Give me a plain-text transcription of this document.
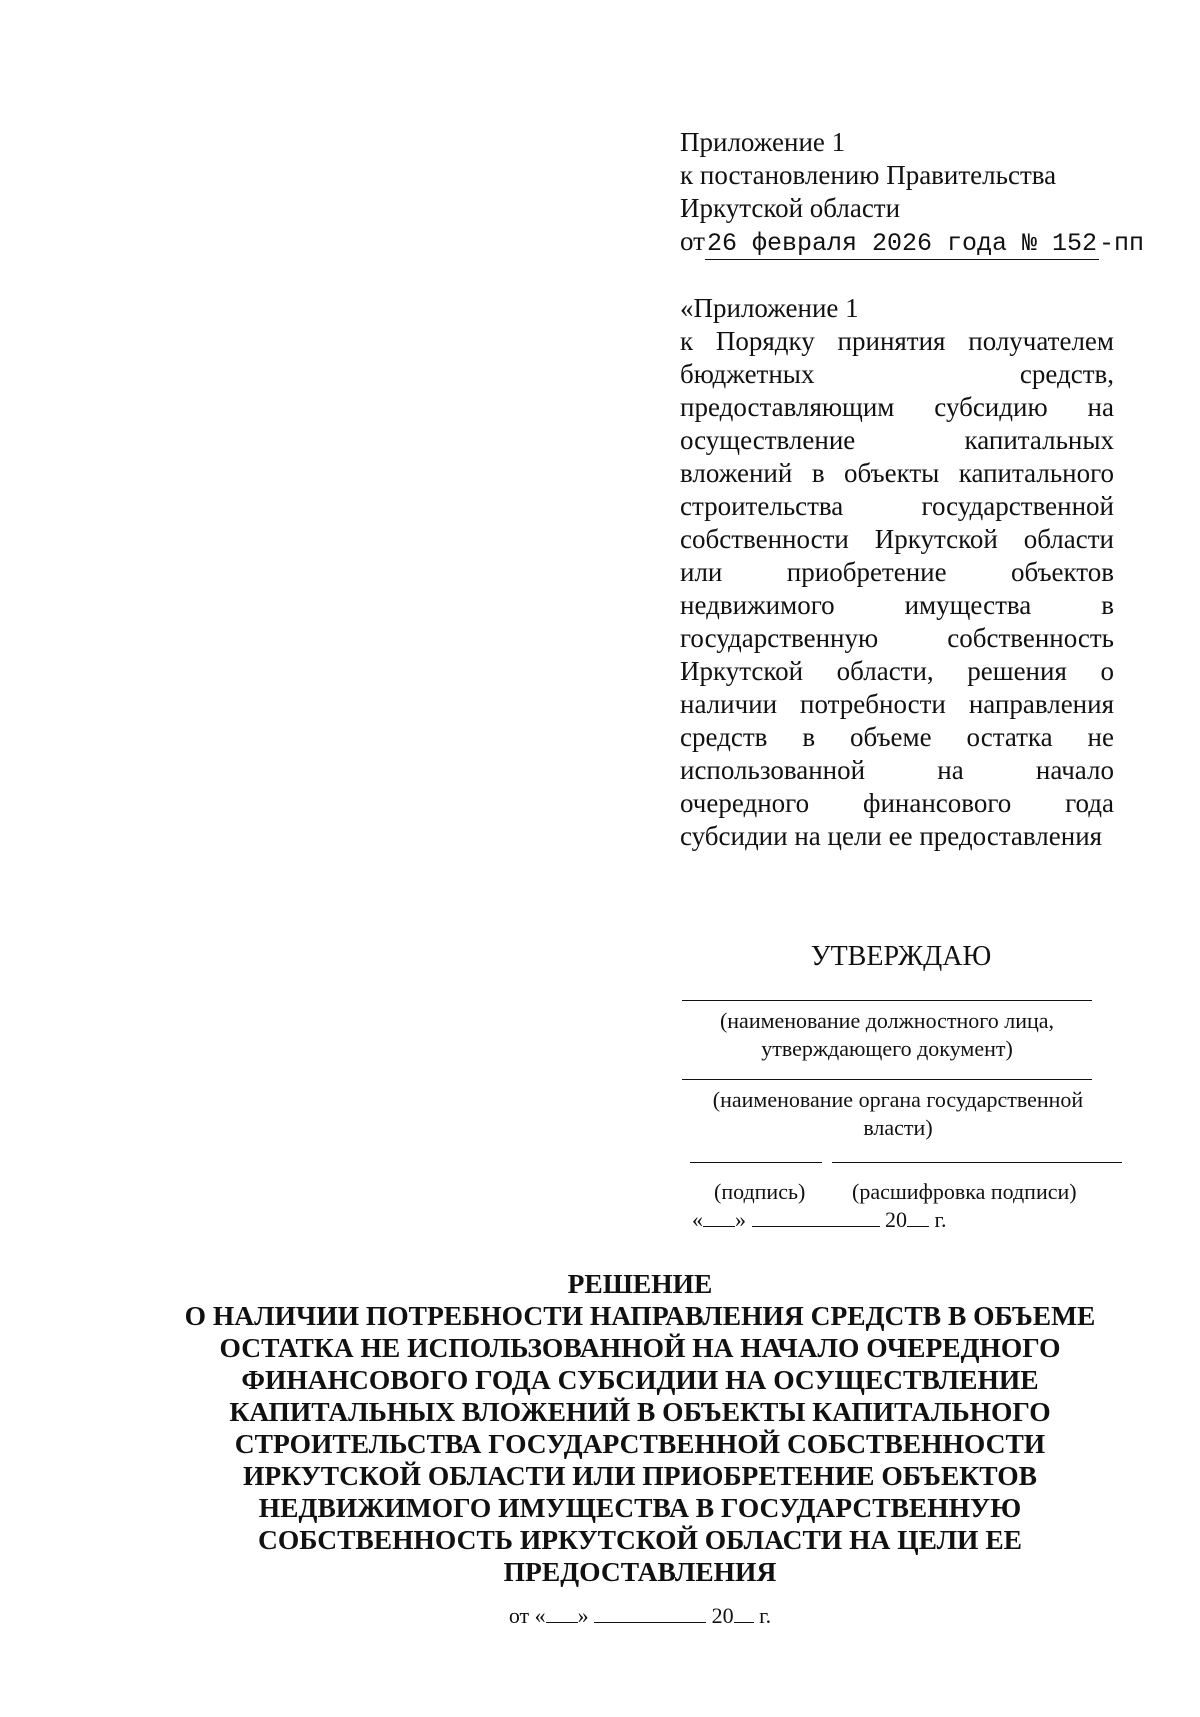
Приложение 1
к постановлению Правительства
Иркутской области
от26 февраля 2026 года № 152-пп
«Приложение 1
к Порядку принятия получателем бюджетных средств, предоставляющим субсидию на осуществление капитальных вложений в объекты капитального строительства государственной собственности Иркутской области или приобретение объектов недвижимого имущества в государственную собственность Иркутской области, решения о наличии потребности направления средств в объеме остатка не использованной на начало очередного финансового года субсидии на цели ее предоставления
УТВЕРЖДАЮ
(наименование должностного лица, утверждающего документ)
(наименование органа государственной власти)
(подпись) (расшифровка подписи)
« »	20 г.
РЕШЕНИЕ
О НАЛИЧИИ ПОТРЕБНОСТИ НАПРАВЛЕНИЯ СРЕДСТВ В ОБЪЕМЕ
ОСТАТКА НЕ ИСПОЛЬЗОВАННОЙ НА НАЧАЛО ОЧЕРЕДНОГО
ФИНАНСОВОГО ГОДА СУБСИДИИ НА ОСУЩЕСТВЛЕНИЕ
КАПИТАЛЬНЫХ ВЛОЖЕНИЙ В ОБЪЕКТЫ КАПИТАЛЬНОГО
СТРОИТЕЛЬСТВА ГОСУДАРСТВЕННОЙ СОБСТВЕННОСТИ
ИРКУТСКОЙ ОБЛАСТИ ИЛИ ПРИОБРЕТЕНИЕ ОБЪЕКТОВ
НЕДВИЖИМОГО ИМУЩЕСТВА В ГОСУДАРСТВЕННУЮ
СОБСТВЕННОСТЬ ИРКУТСКОЙ ОБЛАСТИ НА ЦЕЛИ ЕЕ
ПРЕДОСТАВЛЕНИЯ
от « »	20 г.
